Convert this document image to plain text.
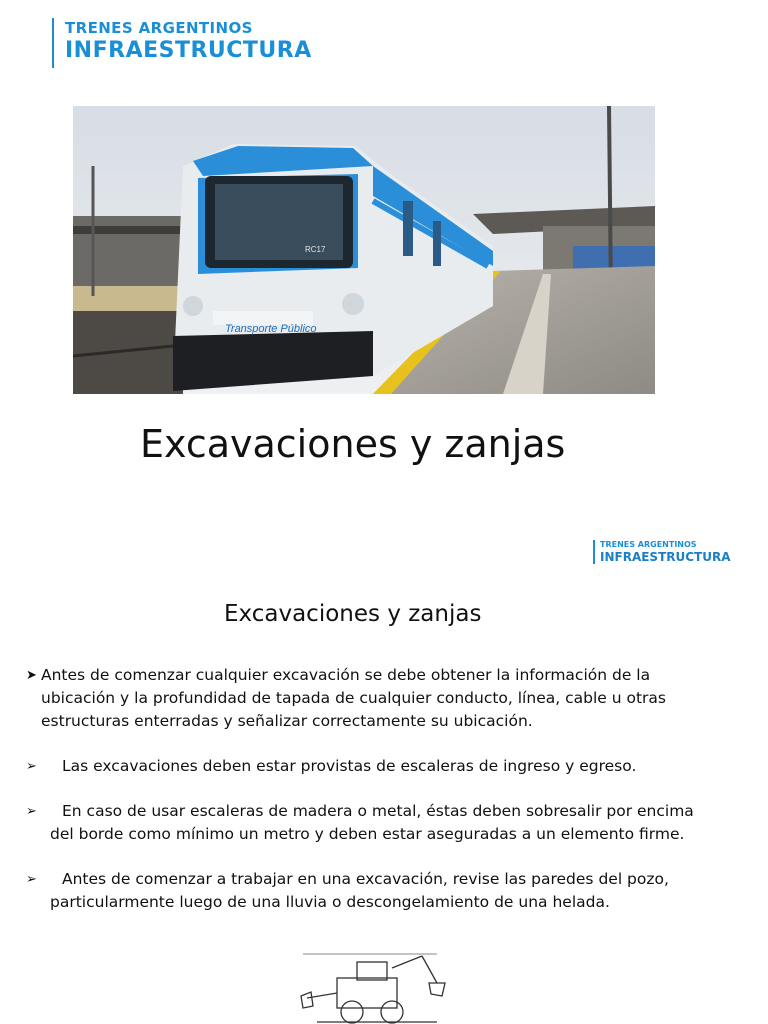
TRENES ARGENTINOS
INFRAESTRUCTURA
Transporte Público
RC17
Excavaciones y zanjas
TRENES ARGENTINOS
INFRAESTRUCTURA
Excavaciones y zanjas
➤ Antes de comenzar cualquier excavación se debe obtener la información de la
ubicación y la profundidad de tapada de cualquier conducto, línea, cable u otras
estructuras enterradas y señalizar correctamente su ubicación.
➢	Las excavaciones deben estar provistas de escaleras de ingreso y egreso.
➢	En caso de usar escaleras de madera o metal, éstas deben sobresalir por encima
del borde como mínimo un metro y deben estar aseguradas a un elemento firme.
➢	Antes de comenzar a trabajar en una excavación, revise las paredes del pozo,
particularmente luego de una lluvia o descongelamiento de una helada.
